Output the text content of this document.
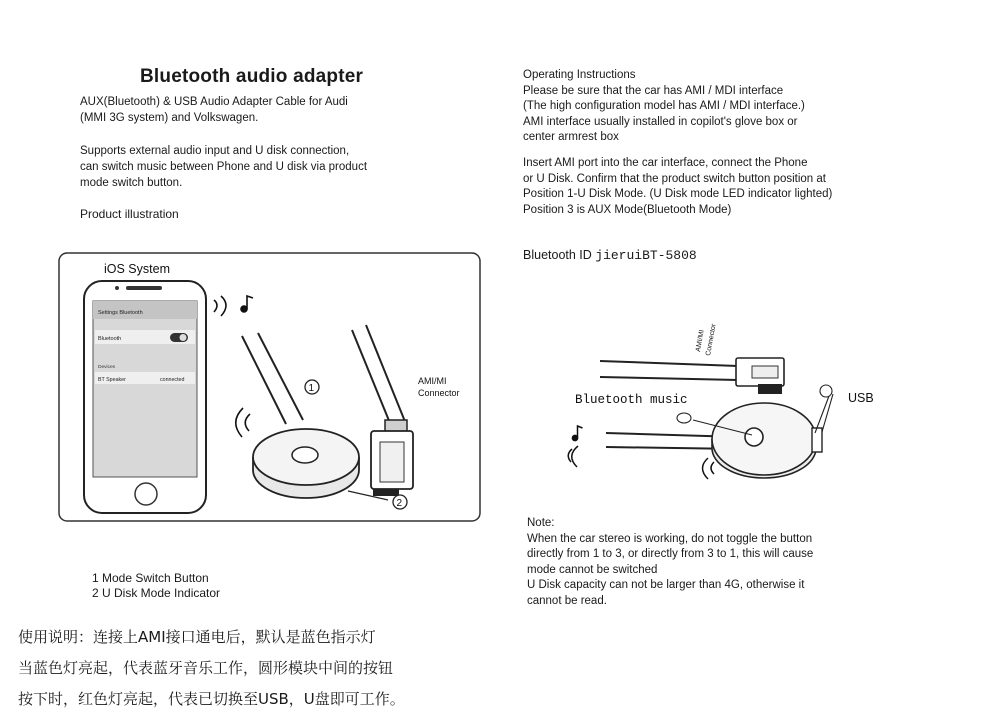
Bluetooth audio adapter
AUX(Bluetooth) & USB Audio Adapter Cable for Audi
(MMI 3G system) and Volkswagen.
Supports external audio input and U disk connection,
can switch music between Phone and U disk via product
mode switch button.
Product illustration
iOS System
Settings Bluetooth
Bluetooth
Devices
BT Speaker	connected	AMI/MI
Connector
1
2
1 Mode Switch Button
2 U Disk Mode Indicator
使用说明：连接上AMI接口通电后，默认是蓝色指示灯
当蓝色灯亮起，代表蓝牙音乐工作，圆形模块中间的按钮
按下时，红色灯亮起，代表已切换至USB，U盘即可工作。

Operating Instructions

Please be sure that the car has AMI / MDI interface

(The high configuration model has AMI / MDI interface.)

AMI interface usually installed in copilot's glove box or

center armrest box

Insert AMI port into the car interface, connect the Phone

or U Disk. Confirm that the product switch button position at

Position 1-U Disk Mode. (U Disk mode LED indicator lighted)

Position 3 is AUX Mode(Bluetooth Mode)

Bluetooth ID jieruiBT-5808
AMI/MI Connector
Bluetooth music	USB

Note:

When the car stereo is working, do not toggle the button

directly from 1 to 3, or directly from 3 to 1, this will cause

mode cannot be switched

U Disk capacity can not be larger than 4G, otherwise it

cannot be read.
